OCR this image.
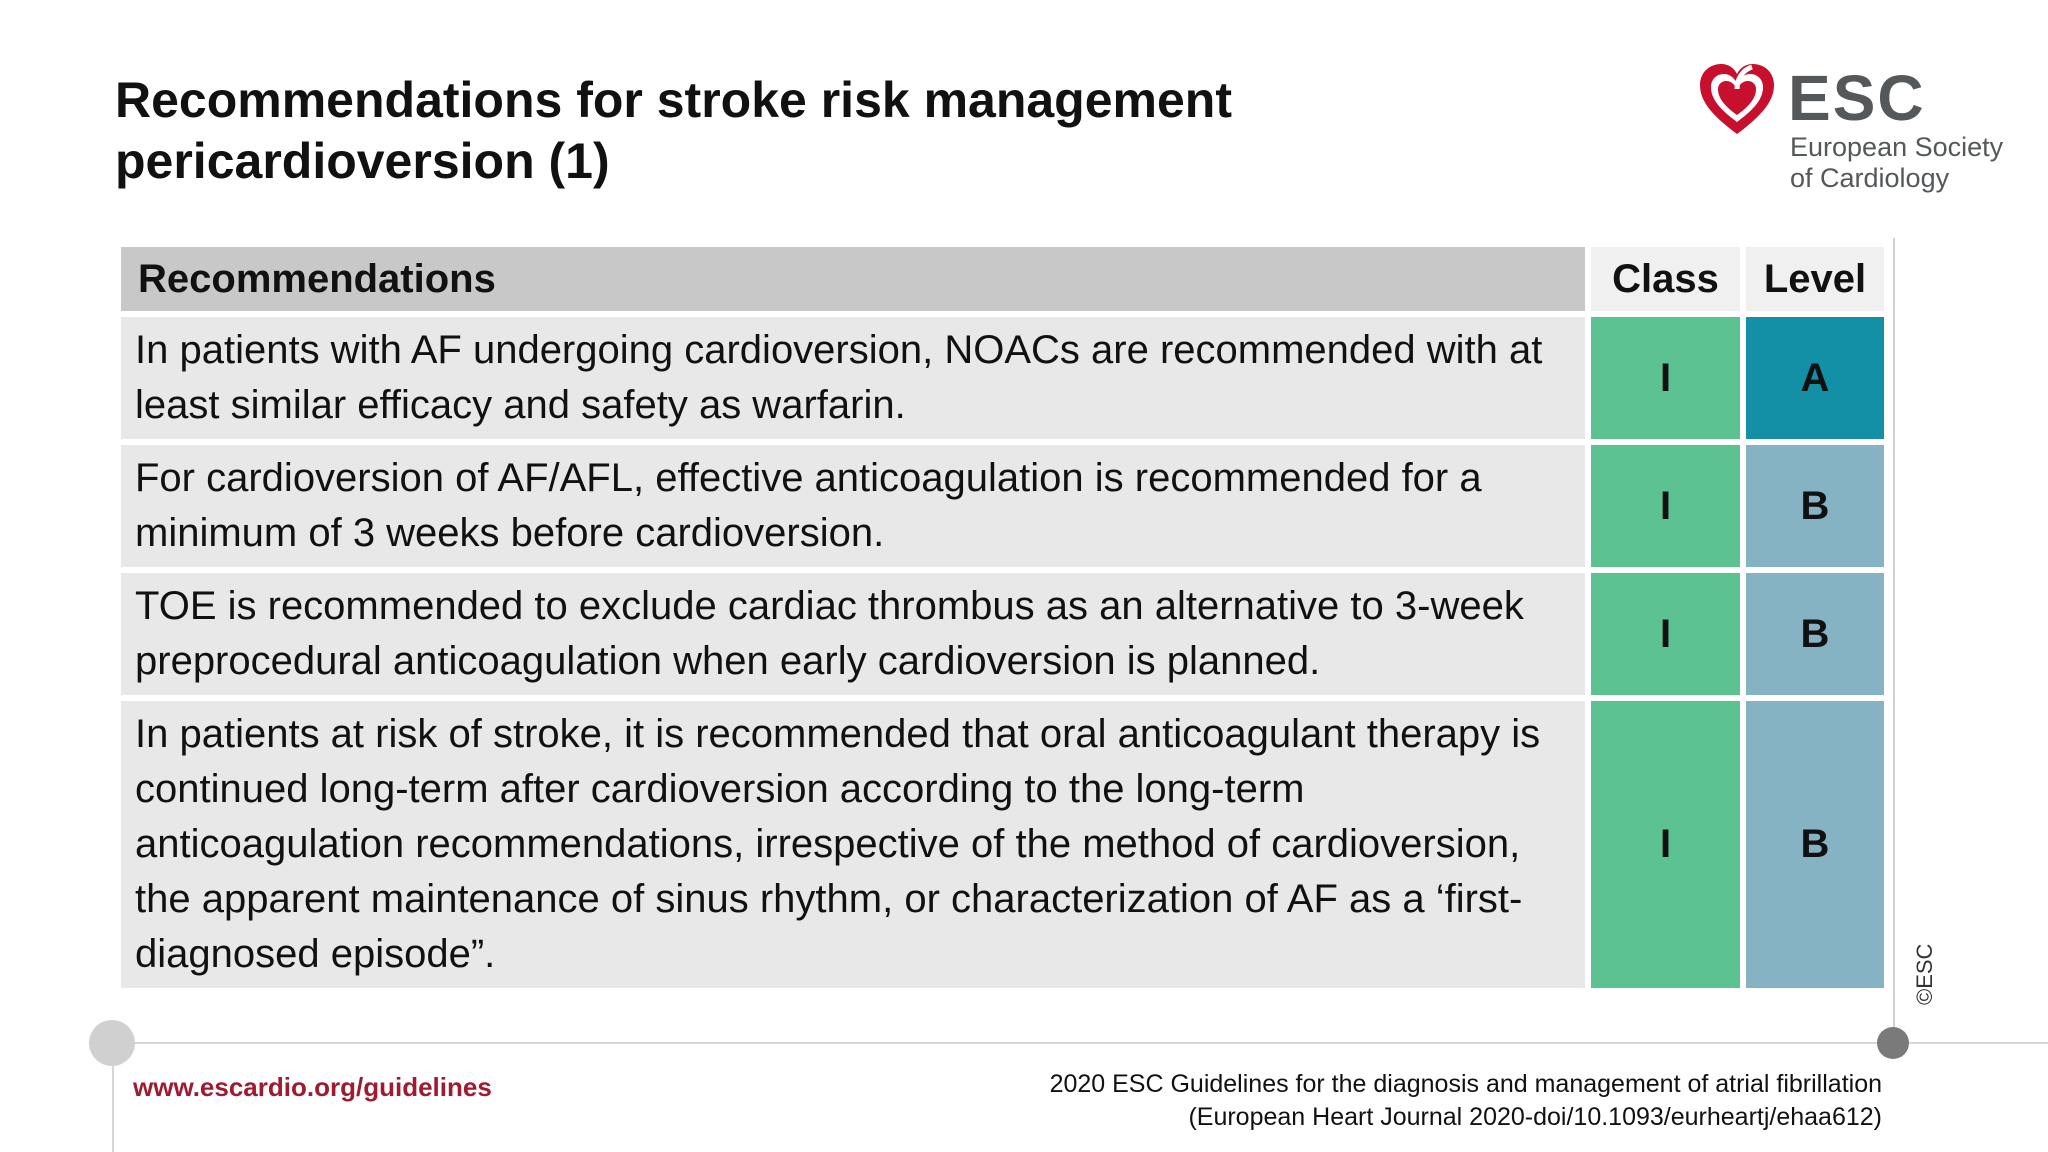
Recommendations for stroke risk management
pericardioversion (1)
ESC
European Society
of Cardiology
Recommendations	Class	Level
In patients with AF undergoing cardioversion, NOACs are recommended with at least similar efficacy and safety as warfarin.	I	A
For cardioversion of AF/AFL, effective anticoagulation is recommended for a minimum of 3 weeks before cardioversion.	I	B
TOE is recommended to exclude cardiac thrombus as an alternative to 3-week preprocedural anticoagulation when early cardioversion is planned.	I	B
In patients at risk of stroke, it is recommended that oral anticoagulant therapy is continued long-term after cardioversion according to the long-term anticoagulation recommendations, irrespective of the method of cardioversion, the apparent maintenance of sinus rhythm, or characterization of AF as a ‘first-diagnosed episode”.	I	B
©ESC
www.escardio.org/guidelines	2020 ESC Guidelines for the diagnosis and management of atrial fibrillation
(European Heart Journal 2020-doi/10.1093/eurheartj/ehaa612)
